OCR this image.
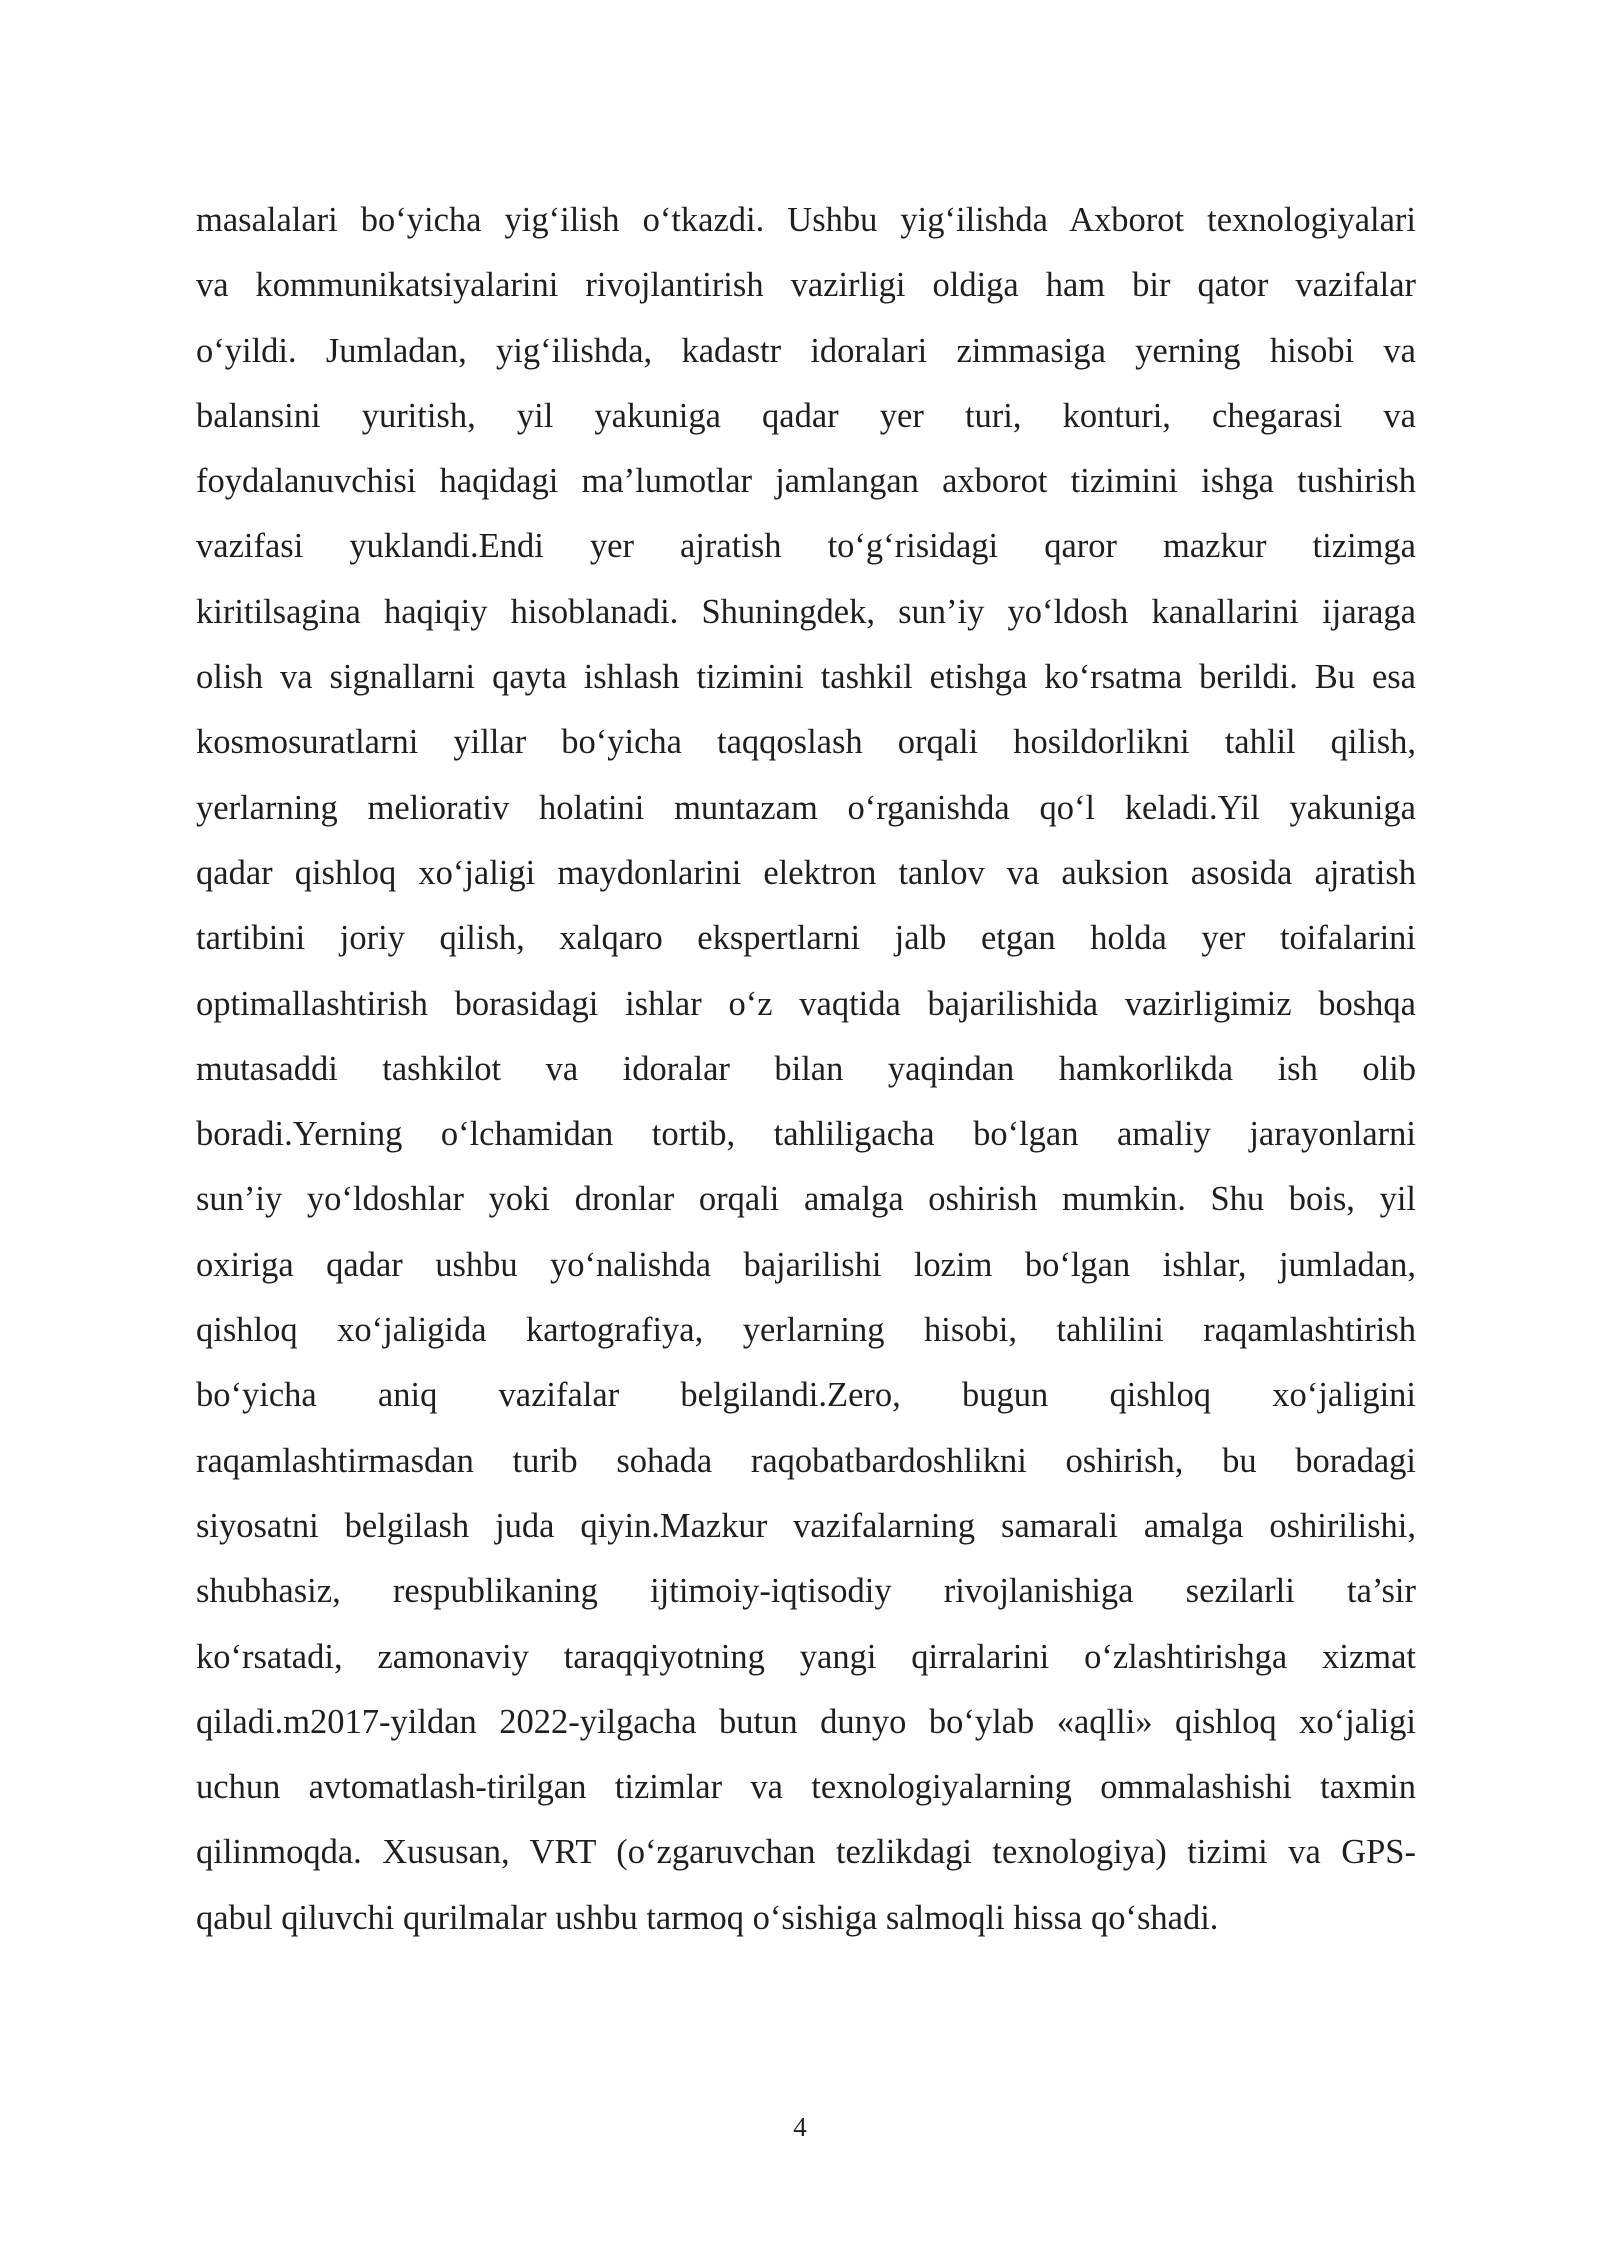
masalalari bo‘yicha yig‘ilish o‘tkazdi. Ushbu yig‘ilishda Axborot texnologiyalari
va kommunikatsiyalarini rivojlantirish vazirligi oldiga ham bir qator vazifalar
o‘yildi. Jumladan, yig‘ilishda, kadastr idoralari zimmasiga yerning hisobi va
balansini yuritish, yil yakuniga qadar yer turi, konturi, chegarasi va
foydalanuvchisi haqidagi ma’lumotlar jamlangan axborot tizimini ishga tushirish
vazifasi yuklandi.Endi yer ajratish to‘g‘risidagi qaror mazkur tizimga
kiritilsagina haqiqiy hisoblanadi. Shuningdek, sun’iy yo‘ldosh kanallarini ijaraga
olish va signallarni qayta ishlash tizimini tashkil etishga ko‘rsatma berildi. Bu esa
kosmosuratlarni yillar bo‘yicha taqqoslash orqali hosildorlikni tahlil qilish,
yerlarning meliorativ holatini muntazam o‘rganishda qo‘l keladi.Yil yakuniga
qadar qishloq xo‘jaligi maydonlarini elektron tanlov va auksion asosida ajratish
tartibini joriy qilish, xalqaro ekspertlarni jalb etgan holda yer toifalarini
optimallashtirish borasidagi ishlar o‘z vaqtida bajarilishida vazirligimiz boshqa
mutasaddi tashkilot va idoralar bilan yaqindan hamkorlikda ish olib
boradi.Yerning o‘lchamidan tortib, tahliligacha bo‘lgan amaliy jarayonlarni
sun’iy yo‘ldoshlar yoki dronlar orqali amalga oshirish mumkin. Shu bois, yil
oxiriga qadar ushbu yo‘nalishda bajarilishi lozim bo‘lgan ishlar, jumladan,
qishloq xo‘jaligida kartografiya, yerlarning hisobi, tahlilini raqamlashtirish
bo‘yicha aniq vazifalar belgilandi.Zero, bugun qishloq xo‘jaligini
raqamlashtirmasdan turib sohada raqobatbardoshlikni oshirish, bu boradagi
siyosatni belgilash juda qiyin.Mazkur vazifalarning samarali amalga oshirilishi,
shubhasiz, respublikaning ijtimoiy-iqtisodiy rivojlanishiga sezilarli ta’sir
ko‘rsatadi, zamonaviy taraqqiyotning yangi qirralarini o‘zlashtirishga xizmat
qiladi.m2017-yildan 2022-yilgacha butun dunyo bo‘ylab «aqlli» qishloq xo‘jaligi
uchun avtomatlash-tirilgan tizimlar va texnologiyalarning ommalashishi taxmin
qilinmoqda. Xususan, VRT (o‘zgaruvchan tezlikdagi texnologiya) tizimi va GPS-
qabul qiluvchi qurilmalar ushbu tarmoq o‘sishiga salmoqli hissa qo‘shadi.
4
